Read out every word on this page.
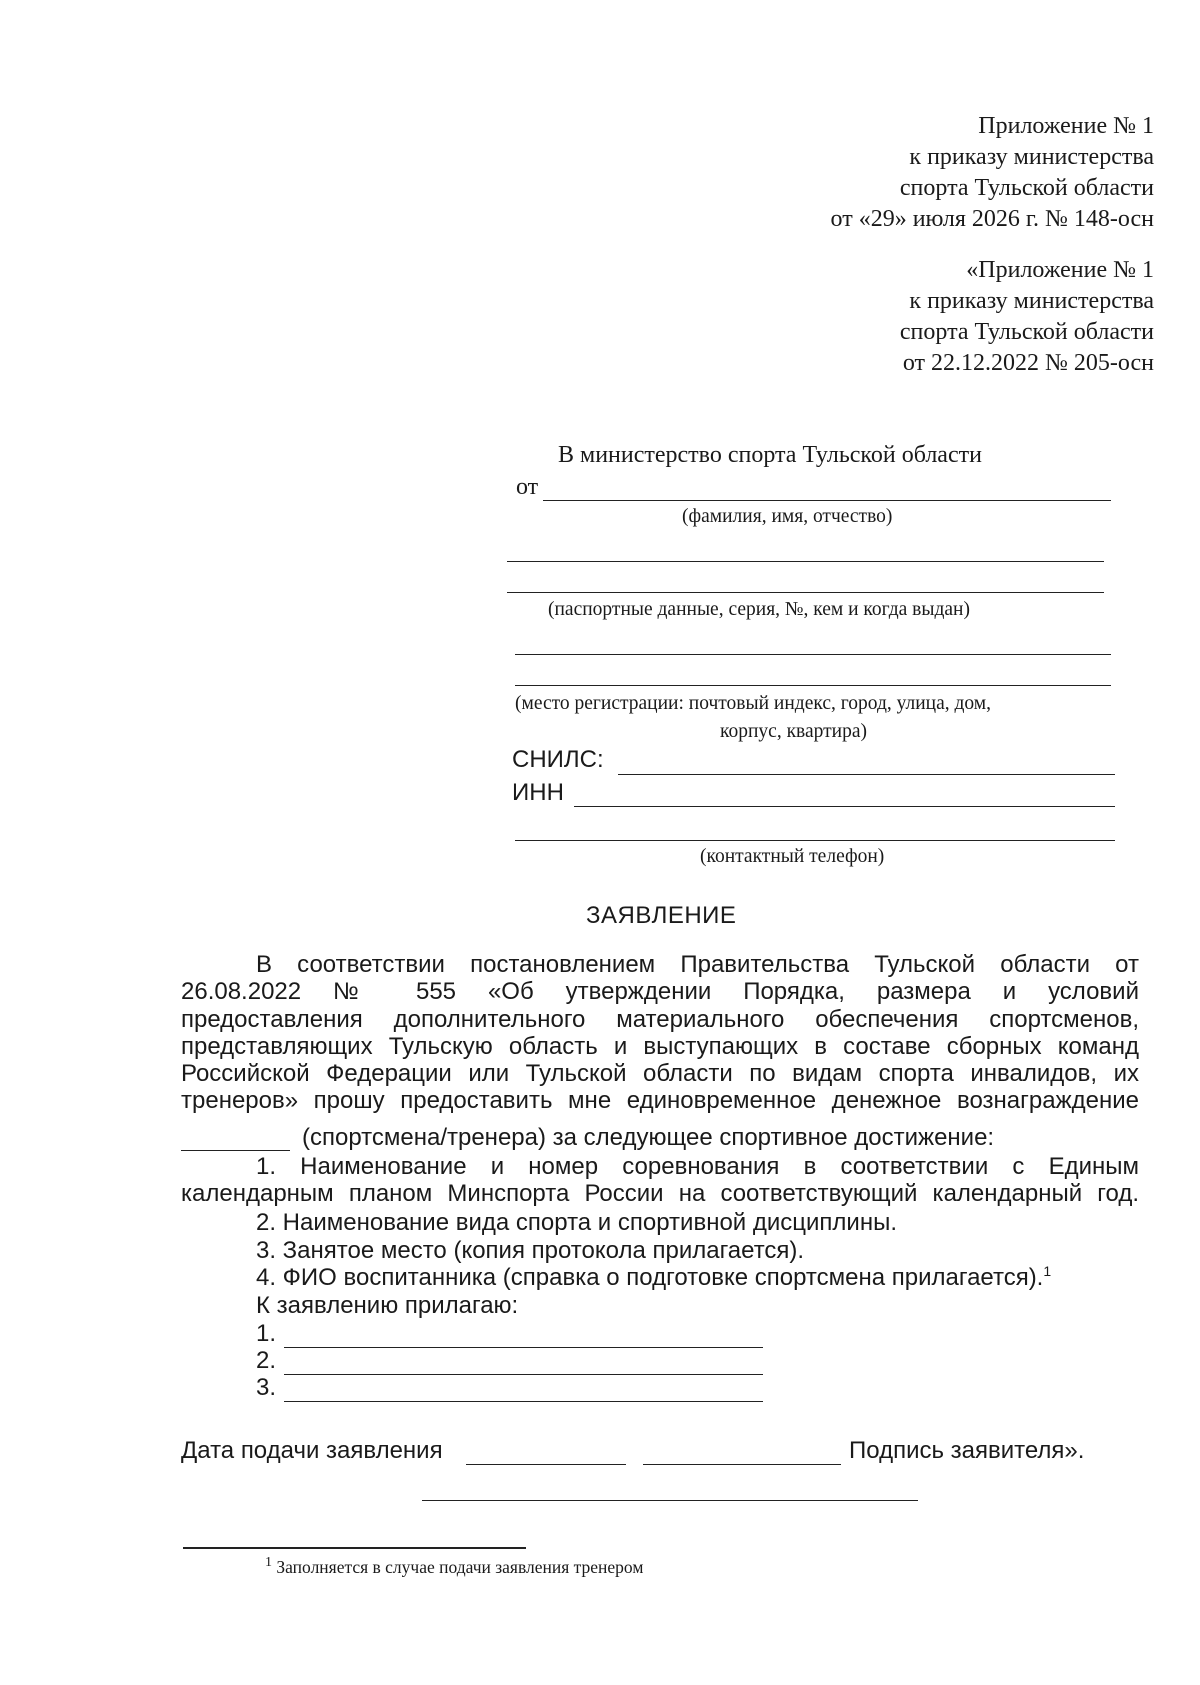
Приложение № 1
к приказу министерства
спорта Тульской области
от «29» июля 2026 г. № 148-осн
«Приложение № 1
к приказу министерства
спорта Тульской области
от 22.12.2022 № 205-осн
В министерство спорта Тульской области
от
(фамилия, имя, отчество)
(паспортные данные, серия, №, кем и когда выдан)
(место регистрации: почтовый индекс, город, улица, дом,
корпус, квартира)
СНИЛС:
ИНН
(контактный телефон)
ЗАЯВЛЕНИЕ
В соответствии постановлением Правительства Тульской области от
26.08.2022 № 555 «Об утверждении Порядка, размера и условий
предоставления дополнительного материального обеспечения спортсменов,
представляющих Тульскую область и выступающих в составе сборных команд
Российской Федерации или Тульской области по видам спорта инвалидов, их
тренеров» прошу предоставить мне единовременное денежное вознаграждение
(спортсмена/тренера) за следующее спортивное достижение:
1. Наименование и номер соревнования в соответствии с Единым
календарным планом Минспорта России на соответствующий календарный год.
2. Наименование вида спорта и спортивной дисциплины.
3. Занятое место (копия протокола прилагается).
4. ФИО воспитанника (справка о подготовке спортсмена прилагается).$^1$
К заявлению прилагаю:
1.
2.
3.
Дата подачи заявления	Подпись заявителя».
$^1$ Заполняется в случае подачи заявления тренером
